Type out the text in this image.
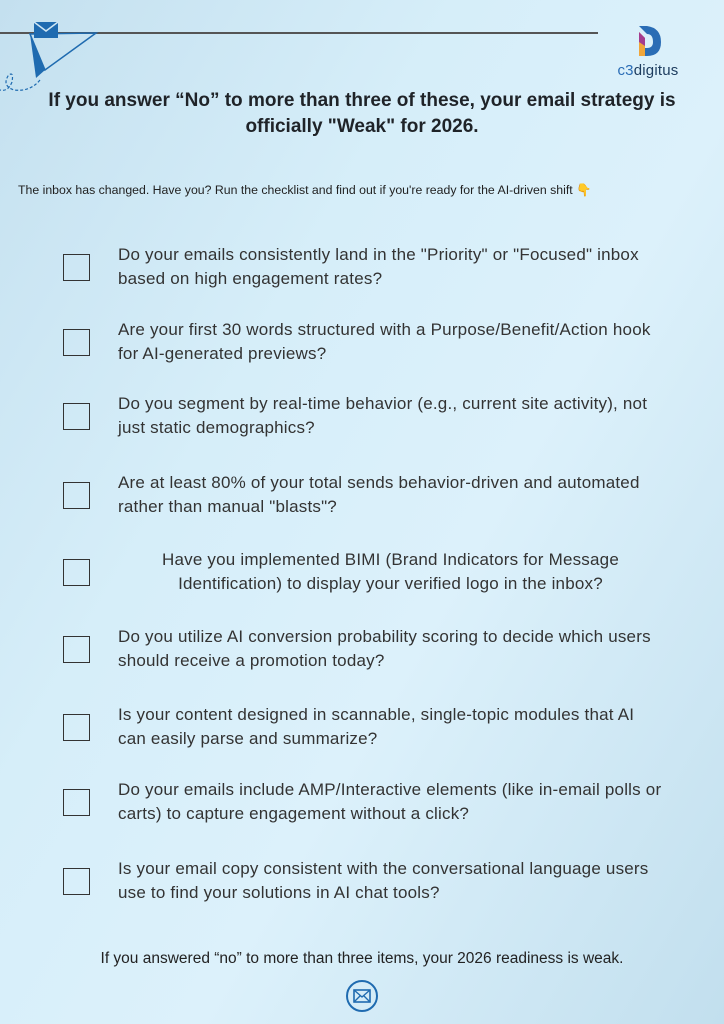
c3digitus
If you answer “No” to more than three of these, your email strategy is officially "Weak" for 2026.
The inbox has changed. Have you? Run the checklist and find out if you're ready for the AI-driven shift 👇
Do your emails consistently land in the "Priority" or "Focused" inbox based on high engagement rates?
Are your first 30 words structured with a Purpose/Benefit/Action hook for AI-generated previews?
Do you segment by real-time behavior (e.g., current site activity), not just static demographics?
Are at least 80% of your total sends behavior-driven and automated rather than manual "blasts"?
Have you implemented BIMI (Brand Indicators for Message Identification) to display your verified logo in the inbox?
Do you utilize AI conversion probability scoring to decide which users should receive a promotion today?
Is your content designed in scannable, single-topic modules that AI can easily parse and summarize?
Do your emails include AMP/Interactive elements (like in-email polls or carts) to capture engagement without a click?
Is your email copy consistent with the conversational language users use to find your solutions in AI chat tools?
If you answered “no” to more than three items, your 2026 readiness is weak.
